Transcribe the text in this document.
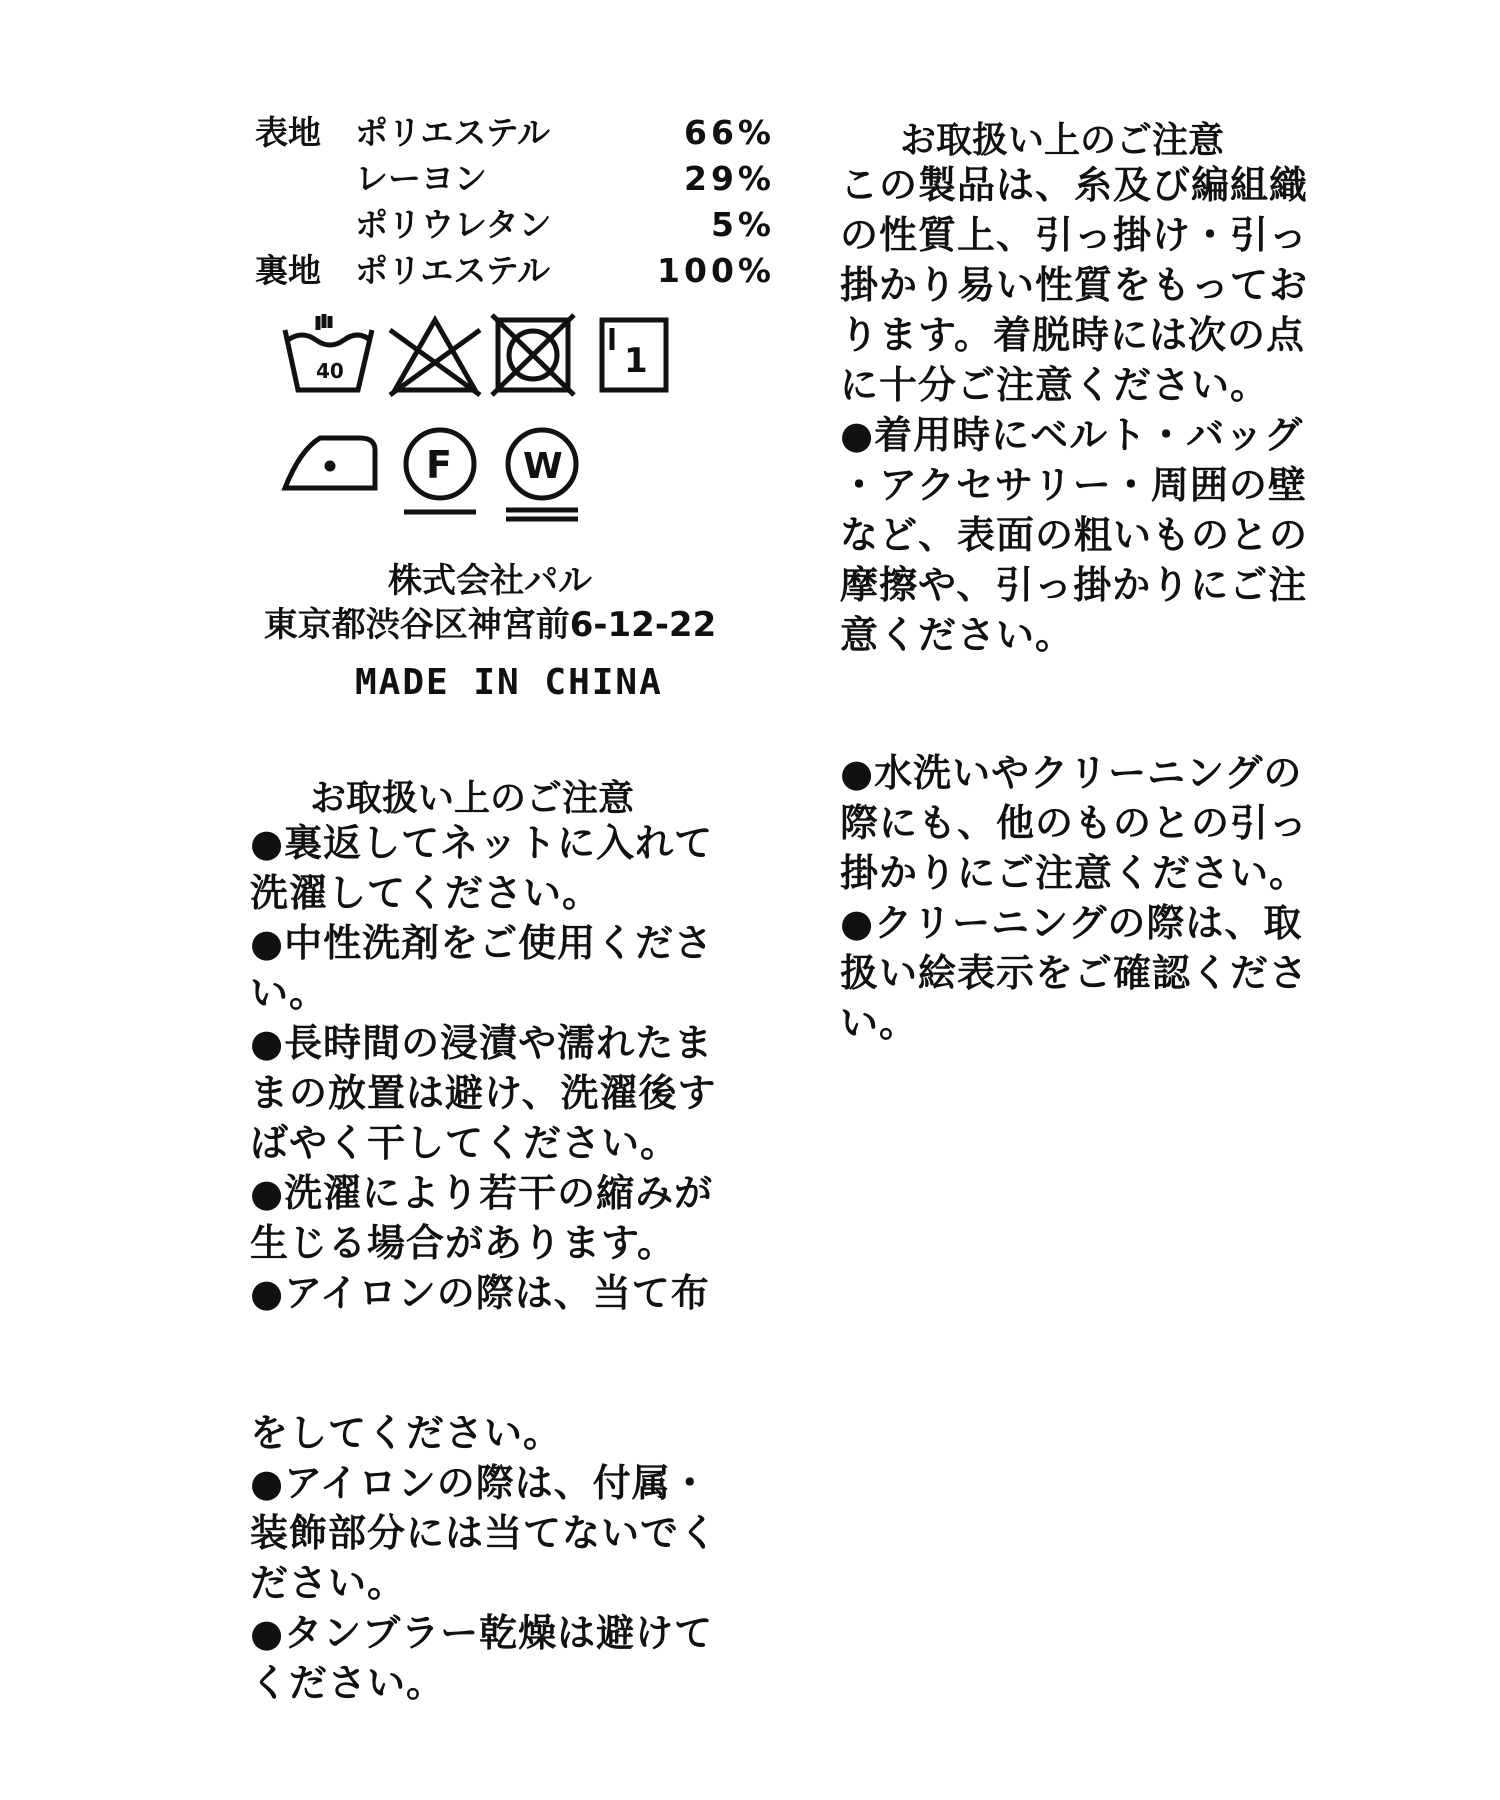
表地	ポリエステル	66%
レーヨン	29%
ポリウレタン	5%
裏地	ポリエステル	100%
40	1
F W
株式会社パル
東京都渋谷区神宮前6-12-22
MADE IN CHINA
お取扱い上のご注意
●裏返してネットに入れて
洗濯してください。
●中性洗剤をご使用くださ
い。
●長時間の浸漬や濡れたま
まの放置は避け、洗濯後す
ばやく干してください。
●洗濯により若干の縮みが
生じる場合があります。
●アイロンの際は、当て布
をしてください。
●アイロンの際は、付属・
装飾部分には当てないでく
ださい。
●タンブラー乾燥は避けて
ください。
お取扱い上のご注意
この製品は、糸及び編組織
の性質上、引っ掛け・引っ
掛かり易い性質をもってお
ります。着脱時には次の点
に十分ご注意ください。
●着用時にベルト・バッグ
・アクセサリー・周囲の壁
など、表面の粗いものとの
摩擦や、引っ掛かりにご注
意ください。
●水洗いやクリーニングの
際にも、他のものとの引っ
掛かりにご注意ください。
●クリーニングの際は、取
扱い絵表示をご確認くださ
い。
